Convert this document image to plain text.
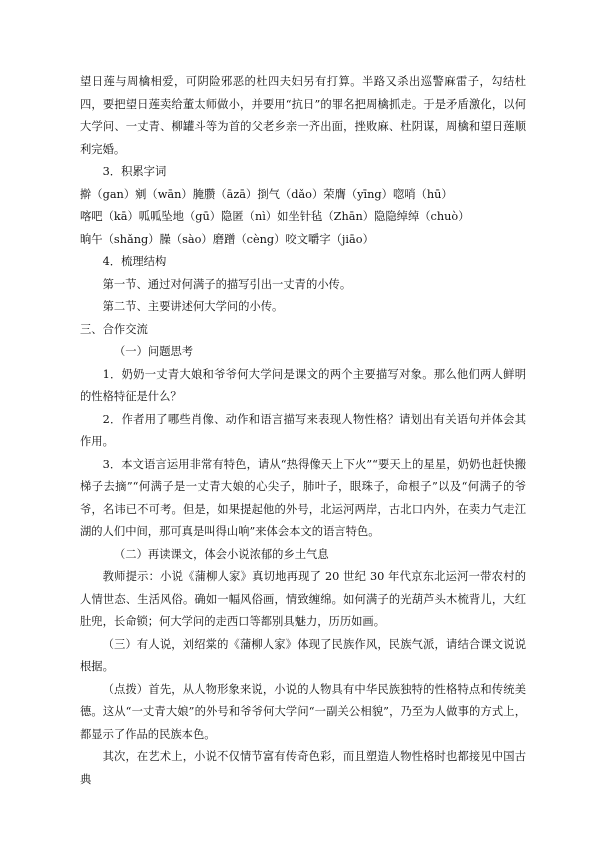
望日莲与周檎相爱，可阴险邪恶的杜四夫妇另有打算。半路又杀出巡警麻雷子，勾结杜四，要把望日莲卖给董太师做小，并要用“抗日”的罪名把周檎抓走。于是矛盾激化，以何大学问、一丈青、柳罐斗等为首的父老乡亲一齐出面，挫败麻、杜阴谋，周檎和望日莲顺利完婚。

3．积累字词

擀（gan）剜（wān）腌臜（āzā）捯气（dǎo）荣膺（yīng）唿哨（hū）

喀吧（kā）呱呱坠地（gū）隐匿（nì）如坐针毡（Zhān）隐隐绰绰（chuò）

晌午（shǎng）臊（sào）磨蹭（cèng）咬文嚼字（jiāo）

4．梳理结构

第一节、通过对何满子的描写引出一丈青的小传。

第二节、主要讲述何大学问的小传。

三、合作交流

（一）问题思考

1．奶奶一丈青大娘和爷爷何大学问是课文的两个主要描写对象。那么他们两人鲜明的性格特征是什么？

2．作者用了哪些肖像、动作和语言描写来表现人物性格？请划出有关语句并体会其作用。

3．本文语言运用非常有特色，请从“热得像天上下火”“要天上的星星，奶奶也赶快搬梯子去摘”“何满子是一丈青大娘的心尖子，肺叶子，眼珠子，命根子”以及“何满子的爷爷，名讳已不可考。但是，如果提起他的外号，北运河两岸，古北口内外，在卖力气走江湖的人们中间，那可真是叫得山响”来体会本文的语言特色。

（二）再读课文，体会小说浓郁的乡土气息

教师提示：小说《蒲柳人家》真切地再现了 20 世纪 30 年代京东北运河一带农村的人情世态、生活风俗。确如一幅风俗画，情致缠绵。如何满子的光葫芦头木梳背儿，大红肚兜，长命锁；何大学问的走西口等都别具魅力，历历如画。

（三）有人说，刘绍棠的《蒲柳人家》体现了民族作风，民族气派，请结合课文说说根据。

（点拨）首先，从人物形象来说，小说的人物具有中华民族独特的性格特点和传统美德。这从“一丈青大娘”的外号和爷爷何大学问“一副关公相貌”，乃至为人做事的方式上，都显示了作品的民族本色。

其次，在艺术上，小说不仅情节富有传奇色彩，而且塑造人物性格时也都接见中国古典
